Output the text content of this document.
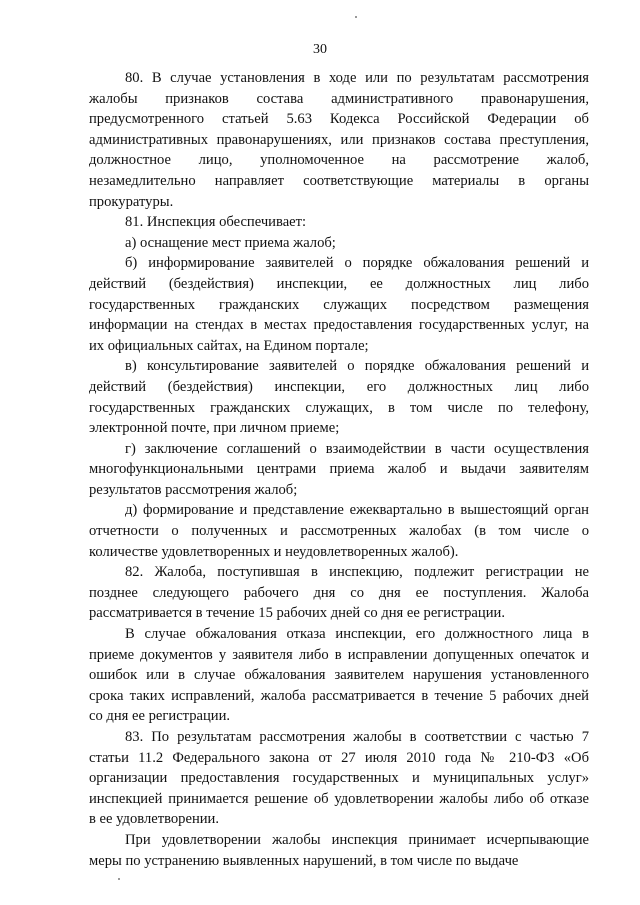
30

80. В случае установления в ходе или по результатам рассмотрения
жалобы признаков состава административного правонарушения,
предусмотренного статьей 5.63 Кодекса Российской Федерации об
административных правонарушениях, или признаков состава преступления,
должностное лицо, уполномоченное на рассмотрение жалоб,
незамедлительно направляет соответствующие материалы в органы
прокуратуры.

81. Инспекция обеспечивает:

а) оснащение мест приема жалоб;

б) информирование заявителей о порядке обжалования решений и
действий (бездействия) инспекции, ее должностных лиц либо
государственных гражданских служащих посредством размещения
информации на стендах в местах предоставления государственных услуг, на
их официальных сайтах, на Едином портале;

в) консультирование заявителей о порядке обжалования решений и
действий (бездействия) инспекции, его должностных лиц либо
государственных гражданских служащих, в том числе по телефону,
электронной почте, при личном приеме;

г) заключение соглашений о взаимодействии в части осуществления
многофункциональными центрами приема жалоб и выдачи заявителям
результатов рассмотрения жалоб;

д) формирование и представление ежеквартально в вышестоящий орган
отчетности о полученных и рассмотренных жалобах (в том числе о
количестве удовлетворенных и неудовлетворенных жалоб).

82. Жалоба, поступившая в инспекцию, подлежит регистрации не
позднее следующего рабочего дня со дня ее поступления. Жалоба
рассматривается в течение 15 рабочих дней со дня ее регистрации.

В случае обжалования отказа инспекции, его должностного лица в
приеме документов у заявителя либо в исправлении допущенных опечаток и
ошибок или в случае обжалования заявителем нарушения установленного
срока таких исправлений, жалоба рассматривается в течение 5 рабочих дней
со дня ее регистрации.

83. По результатам рассмотрения жалобы в соответствии с частью 7
статьи 11.2 Федерального закона от 27 июля 2010 года № 210-ФЗ «Об
организации предоставления государственных и муниципальных услуг»
инспекцией принимается решение об удовлетворении жалобы либо об отказе
в ее удовлетворении.

При удовлетворении жалобы инспекция принимает исчерпывающие
меры по устранению выявленных нарушений, в том числе по выдаче
